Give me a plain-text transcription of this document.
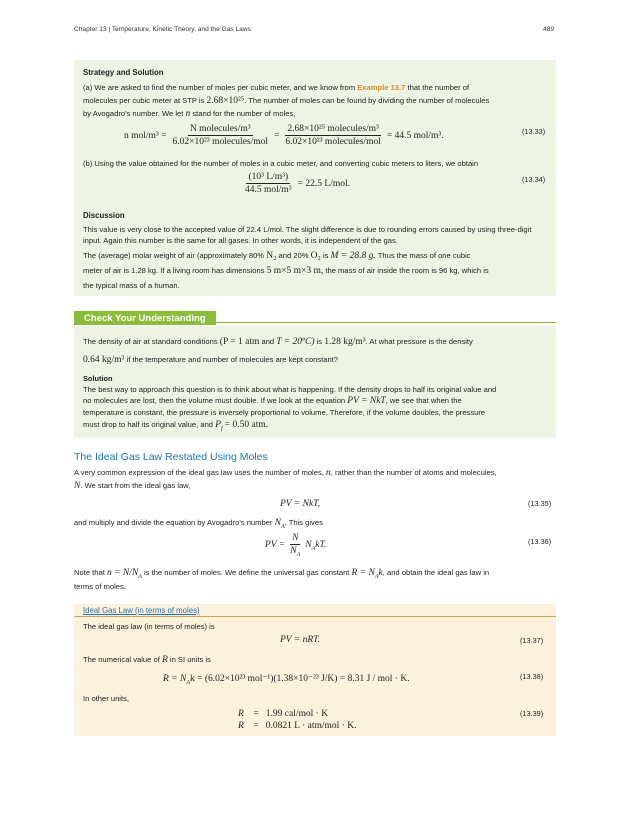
Chapter 13 | Temperature, Kinetic Theory, and the Gas Laws	489
Strategy and Solution

(a) We are asked to find the number of moles per cubic meter, and we know from Example 13.7 that the number of

molecules per cubic meter at STP is 2.68×10²⁵. The number of moles can be found by dividing the number of molecules

by Avogadro's number. We let n stand for the number of moles,

n $mol/m^3 = \frac{\text{N molecules/m³}}{\text{6.02×10²³ molecules/mol}} = \frac{\text{2.68×10²⁵ molecules/m³}}{\text{6.02×10²³ molecules/mol}} = 44.5$ mol/m³.	(13.33)

(b) Using the value obtained for the number of moles in a cubic meter, and converting cubic meters to liters, we obtain

$\frac{\text{(10³ L/m³)}}{\text{44.5 mol/m³}} = 22.5$ L/mol.	(13.34)
Discussion

This value is very close to the accepted value of 22.4 L/mol. The slight difference is due to rounding errors caused by using three-digit input. Again this number is the same for all gases. In other words, it is independent of the gas.

The (average) molar weight of air (approximately 80% N₂ and 20% O₂ is M = 28.8 g. Thus the mass of one cubic

meter of air is 1.28 kg. If a living room has dimensions 5 m×5 m×3 m, the mass of air inside the room is 96 kg, which is

the typical mass of a human.

Check Your Understanding

The density of air at standard conditions (P = 1 atm and T = 20ºC) is 1.28 kg/m³. At what pressure is the density

0.64 kg/m³ if the temperature and number of molecules are kept constant?

Solution

The best way to approach this question is to think about what is happening. If the density drops to half its original value and

no molecules are lost, then the volume must double. If we look at the equation PV = NkT, we see that when the

temperature is constant, the pressure is inversely proportional to volume. Therefore, if the volume doubles, the pressure

must drop to half its original value, and $P_f = 0.50$ atm.

The Ideal Gas Law Restated Using Moles

A very common expression of the ideal gas law uses the number of moles, n, rather than the number of atoms and molecules,

N. We start from the ideal gas law,

PV = NkT,	(13.35)

and multiply and divide the equation by Avogadro's number $N_A$. This gives

PV = $\frac{N}{N_A} N_AkT$.	(13.36)

Note that $n = N/N_A$ is the number of moles. We define the universal gas constant $R = N_Ak$, and obtain the ideal gas law in

terms of moles.

Ideal Gas Law (in terms of moles)

The ideal gas law (in terms of moles) is

PV = nRT.	(13.37)

The numerical value of R in SI units is

$R = N_Ak = (6.02\times 10^{23}$ mol⁻¹)(1.38×10⁻²³ J/K) = 8.31 J / mol · K.	(13.38)

In other units,

R =   1.99 cal/mol · K
R =   0.0821 L · atm/mol · K.
(13.39)
